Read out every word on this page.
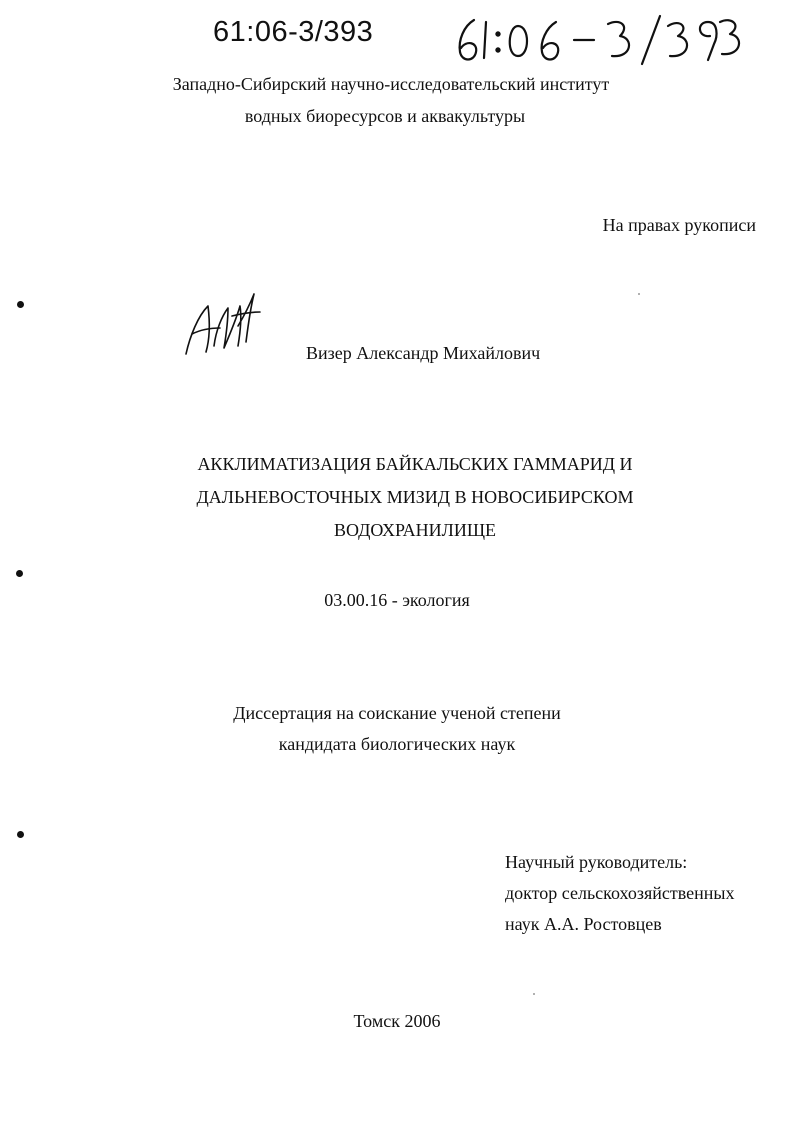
61:06-3/393
Западно-Сибирский научно-исследовательский институт
водных биоресурсов и аквакультуры
На правах рукописи
Визер Александр Михайлович
АККЛИМАТИЗАЦИЯ БАЙКАЛЬСКИХ ГАММАРИД И
ДАЛЬНЕВОСТОЧНЫХ МИЗИД В НОВОСИБИРСКОМ
ВОДОХРАНИЛИЩЕ
03.00.16 - экология
Диссертация на соискание ученой степени
кандидата биологических наук
Научный руководитель:
доктор сельскохозяйственных
наук А.А. Ростовцев
Томск 2006
